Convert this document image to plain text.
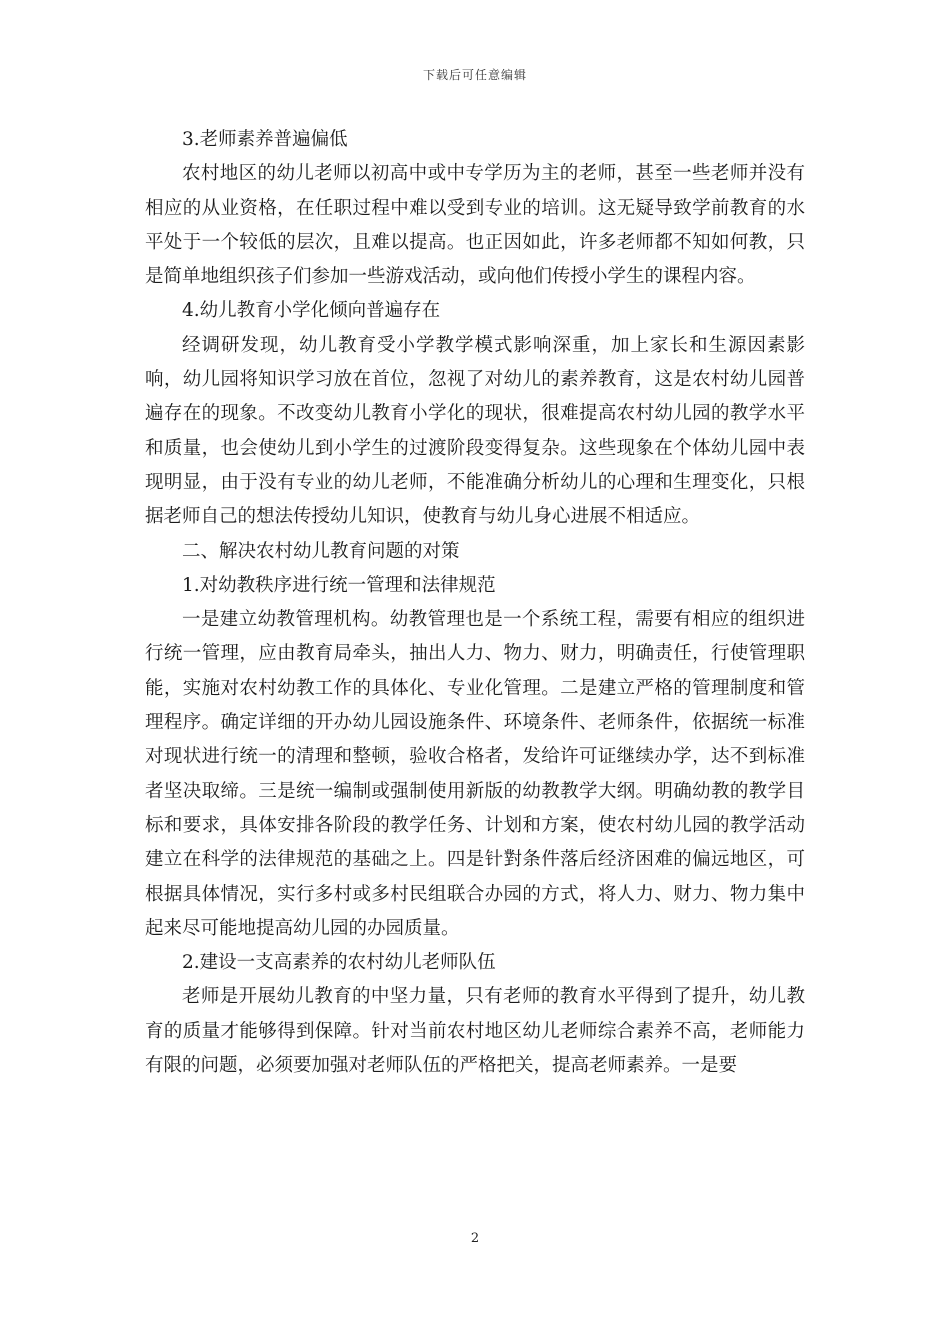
下载后可任意编辑

3.老师素养普遍偏低

农村地区的幼儿老师以初高中或中专学历为主的老师，甚至一些老师并没有相应的从业资格，在任职过程中难以受到专业的培训。这无疑导致学前教育的水平处于一个较低的层次，且难以提高。也正因如此，许多老师都不知如何教，只是简单地组织孩子们参加一些游戏活动，或向他们传授小学生的课程内容。

4.幼儿教育小学化倾向普遍存在

经调研发现，幼儿教育受小学教学模式影响深重，加上家长和生源因素影响，幼儿园将知识学习放在首位，忽视了对幼儿的素养教育，这是农村幼儿园普遍存在的现象。不改变幼儿教育小学化的现状，很难提高农村幼儿园的教学水平和质量，也会使幼儿到小学生的过渡阶段变得复杂。这些现象在个体幼儿园中表现明显，由于没有专业的幼儿老师，不能准确分析幼儿的心理和生理变化，只根据老师自己的想法传授幼儿知识，使教育与幼儿身心进展不相适应。

二、解决农村幼儿教育问题的对策

1.对幼教秩序进行统一管理和法律规范

一是建立幼教管理机构。幼教管理也是一个系统工程，需要有相应的组织进行统一管理，应由教育局牵头，抽出人力、物力、财力，明确责任，行使管理职能，实施对农村幼教工作的具体化、专业化管理。二是建立严格的管理制度和管理程序。确定详细的开办幼儿园设施条件、环境条件、老师条件，依据统一标准对现状进行统一的清理和整顿，验收合格者，发给许可证继续办学，达不到标准者坚决取缔。三是统一编制或强制使用新版的幼教教学大纲。明确幼教的教学目标和要求，具体安排各阶段的教学任务、计划和方案，使农村幼儿园的教学活动建立在科学的法律规范的基础之上。四是针對条件落后经济困难的偏远地区，可根据具体情况，实行多村或多村民组联合办园的方式，将人力、财力、物力集中起来尽可能地提高幼儿园的办园质量。

2.建设一支高素养的农村幼儿老师队伍

老师是开展幼儿教育的中坚力量，只有老师的教育水平得到了提升，幼儿教育的质量才能够得到保障。针对当前农村地区幼儿老师综合素养不高，老师能力有限的问题，必须要加强对老师队伍的严格把关，提高老师素养。一是要

2
